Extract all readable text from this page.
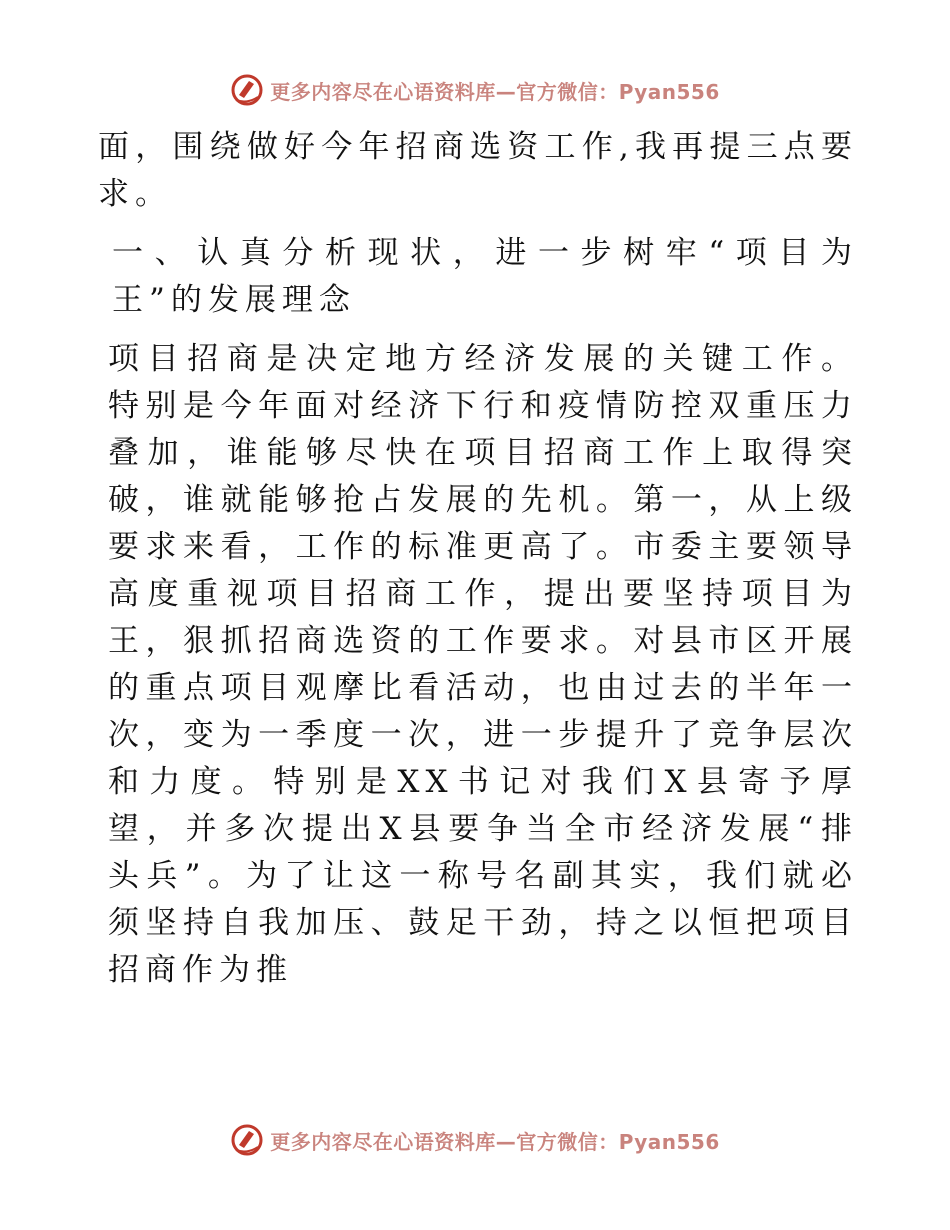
更多内容尽在心语资料库—官方微信：Pyan556

面，围绕做好今年招商选资工作,我再提三点要求。

一、认真分析现状，进一步树牢“项目为王”的发展理念

项目招商是决定地方经济发展的关键工作。 特别是今年面对经济下行和疫情防控双重压力叠加，谁能够尽快在项目招商工作上取得突破，谁就能够抢占发展的先机。第一，从上级要求来看，工作的标准更高了。市委主要领导高度重视项目招商工作，提出要坚持项目为王，狠抓招商选资的工作要求。对县市区开展的重点项目观摩比看活动，也由过去的半年一次，变为一季度一次，进一步提升了竞争层次和力度。特别是XX书记对我们X县寄予厚望，并多次提出X县要争当全市经济发展“排头兵”。为了让这一称号名副其实，我们就必须坚持自我加压、鼓足干劲，持之以恒把项目招商作为推

更多内容尽在心语资料库—官方微信：Pyan556
